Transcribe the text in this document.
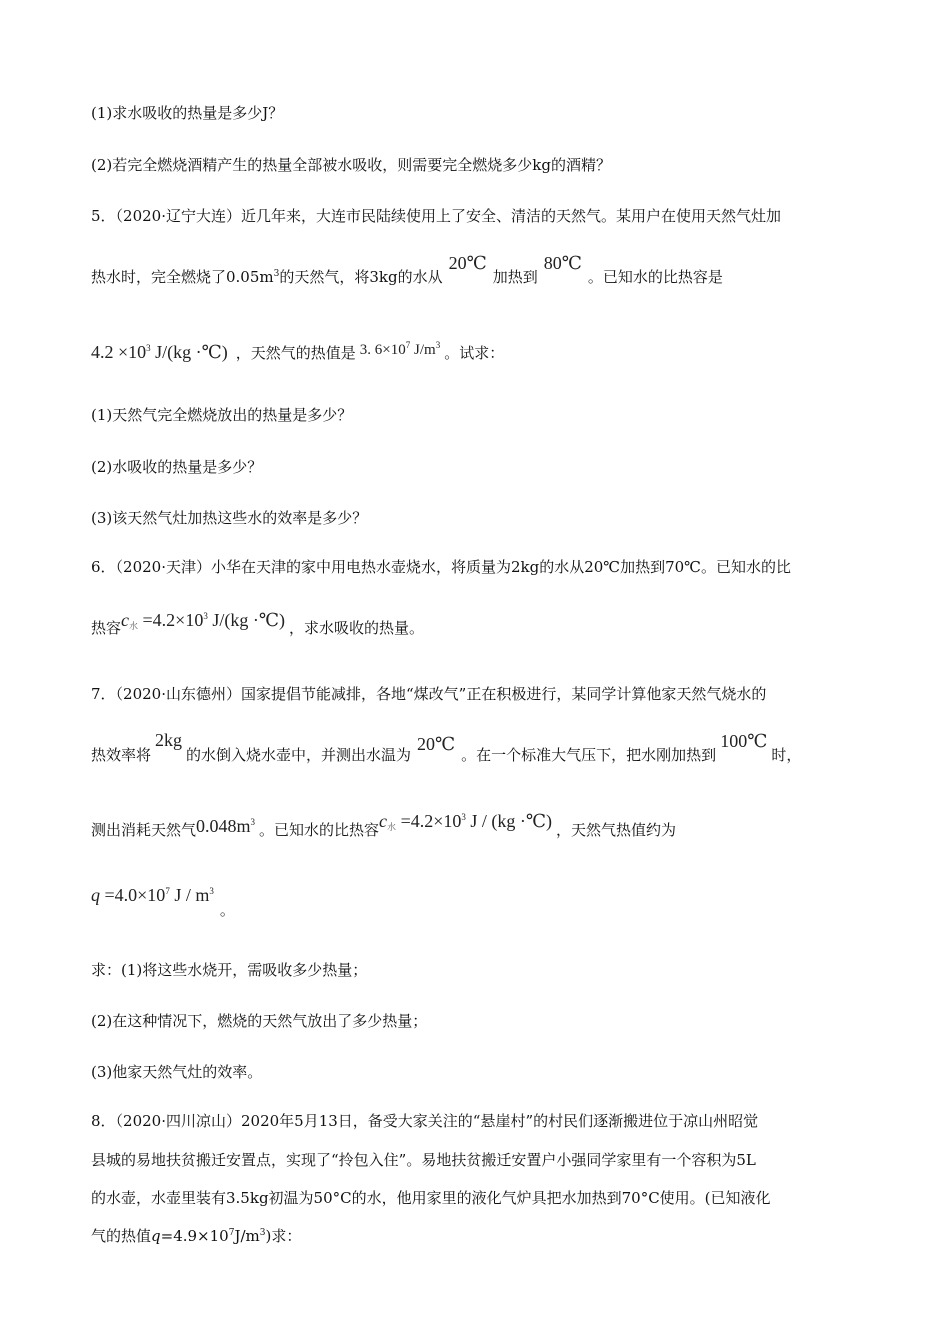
(1)求水吸收的热量是多少J？
(2)若完全燃烧酒精产生的热量全部被水吸收，则需要完全燃烧多少kg的酒精？
5．（2020·辽宁大连）近几年来，大连市民陆续使用上了安全、清洁的天然气。某用户在使用天然气灶加
热水时，完全燃烧了$0.05m^3$的天然气，将3kg的水从20℃加热到80℃。已知水的比热容是
$4.2 \times 10^3$ J/(kg ·℃) ，天然气的热值是 3. $6\times 10^7$ $J/m^3$ 。试求：
(1)天然气完全燃烧放出的热量是多少？
(2)水吸收的热量是多少？
(3)该天然气灶加热这些水的效率是多少？
6．（2020·天津）小华在天津的家中用电热水壶烧水，将质量为2kg的水从20℃加热到70℃。已知水的比
热容$c_水 =4.2\times 10^3$ J/(kg ·℃) ，求水吸收的热量。
7．（2020·山东德州）国家提倡节能减排，各地“煤改气”正在积极进行，某同学计算他家天然气烧水的
热效率将2kg的水倒入烧水壶中，并测出水温为20℃。在一个标准大气压下，把水刚加热到100℃时，
测出消耗天然气$0.048m^3$ 。已知水的比热容$c_水 =4.2\times 10^3$ J / (kg ·℃) ，天然气热值约为
$q =4.0\times 10^7$ J / $m^3$。
求：(1)将这些水烧开，需吸收多少热量；
(2)在这种情况下，燃烧的天然气放出了多少热量；
(3)他家天然气灶的效率。
8．（2020·四川凉山）2020年5月13日，备受大家关注的“悬崖村”的村民们逐渐搬进位于凉山州昭觉
县城的易地扶贫搬迁安置点，实现了“拎包入住”。易地扶贫搬迁安置户小强同学家里有一个容积为5L
的水壶，水壶里装有3.5kg初温为50°C的水，他用家里的液化气炉具把水加热到70°C使用。(已知液化
气的热值$q=4.9\times 10^7J/m^3$)求：
